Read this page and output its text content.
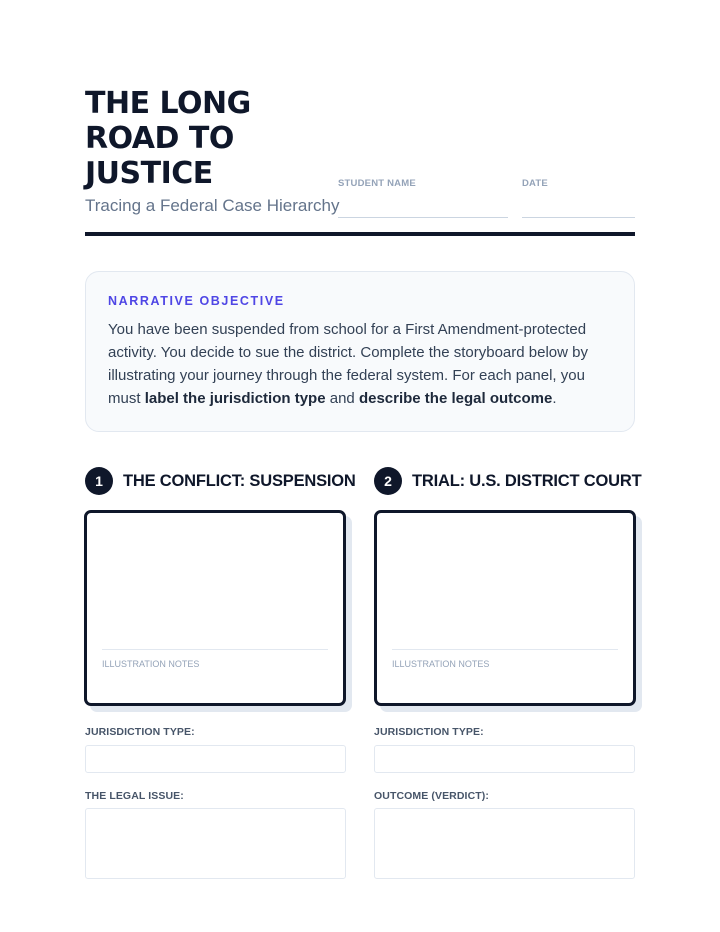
THE LONG
ROAD TO
JUSTICE
Tracing a Federal Case Hierarchy
STUDENT NAME	DATE
NARRATIVE OBJECTIVE
You have been suspended from school for a First Amendment-protected activity. You decide to sue the district. Complete the storyboard below by illustrating your journey through the federal system. For each panel, you must label the jurisdiction type and describe the legal outcome.
1	THE CONFLICT: SUSPENSION
ILLUSTRATION NOTES
JURISDICTION TYPE:
THE LEGAL ISSUE:
2	TRIAL: U.S. DISTRICT COURT
ILLUSTRATION NOTES
JURISDICTION TYPE:
OUTCOME (VERDICT):
